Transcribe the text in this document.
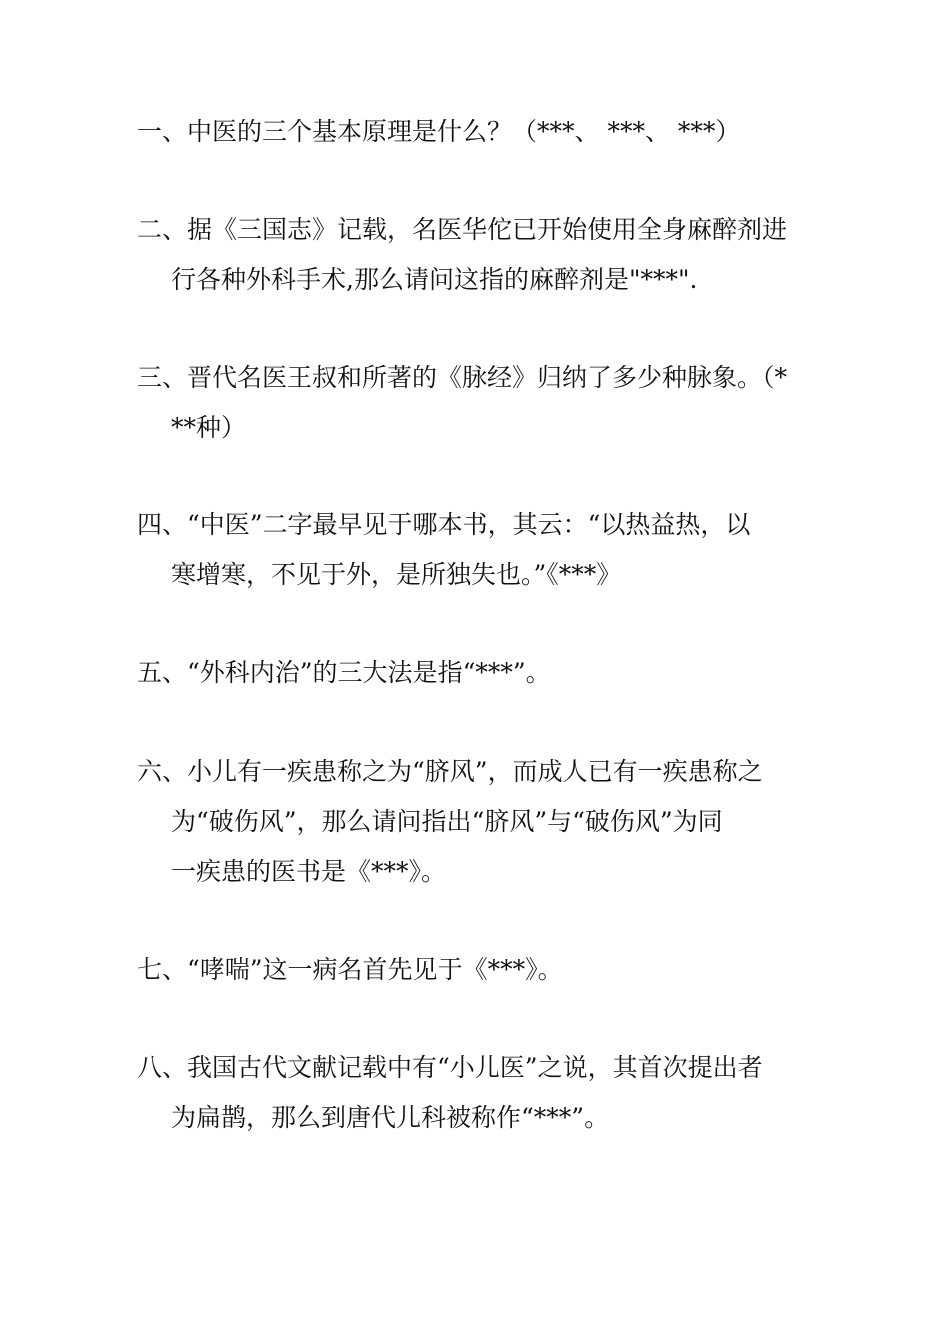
一、中医的三个基本原理是什么？（***、 ***、 ***）
二、据《三国志》记载，名医华佗已开始使用全身麻醉剂进
行各种外科手术,那么请问这指的麻醉剂是"***".
三、晋代名医王叔和所著的《脉经》归纳了多少种脉象。（*
**种）
四、“中医”二字最早见于哪本书，其云：“以热益热，以
寒增寒，不见于外，是所独失也。”《***》
五、“外科内治”的三大法是指“***”。
六、小儿有一疾患称之为“脐风”，而成人已有一疾患称之
为“破伤风”，那么请问指出“脐风”与“破伤风”为同
一疾患的医书是《***》。
七、“哮喘”这一病名首先见于《***》。
八、我国古代文献记载中有“小儿医”之说，其首次提出者
为扁鹊，那么到唐代儿科被称作“***”。
